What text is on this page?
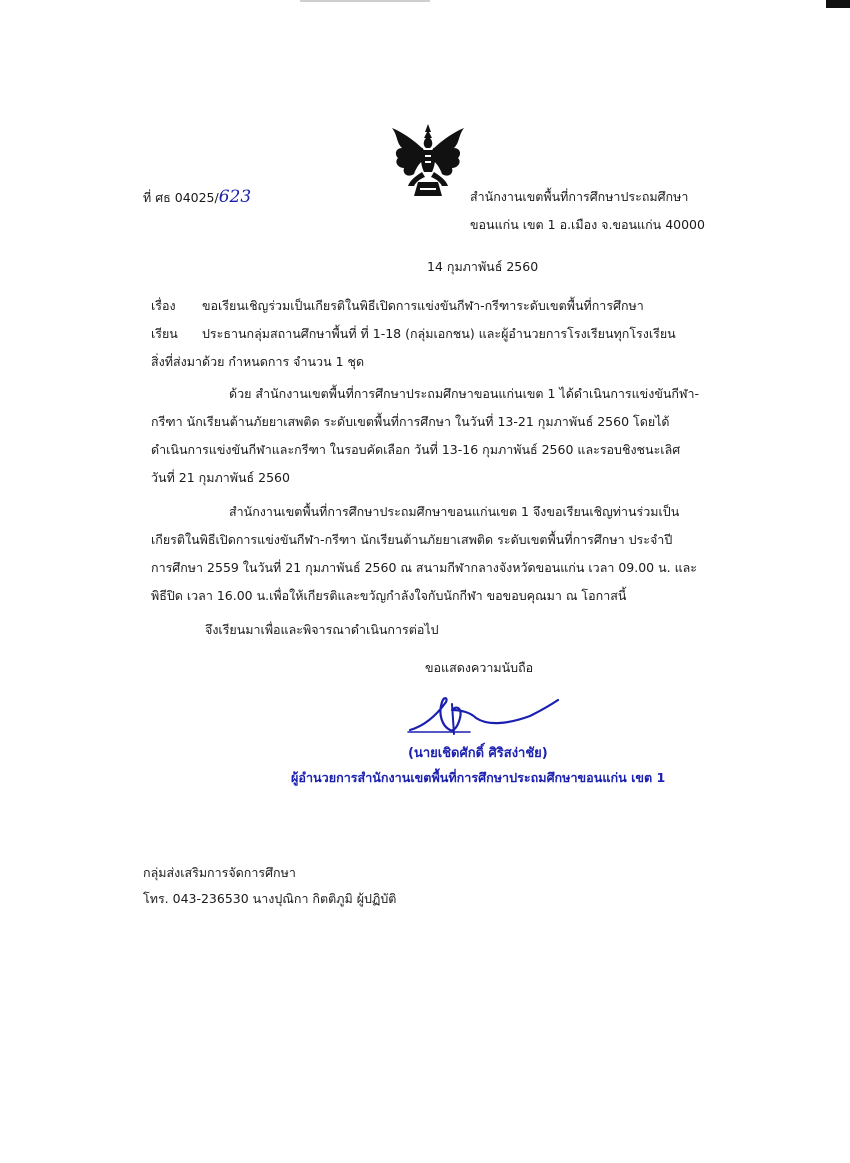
ที่ ศธ 04025/623	สำนักงานเขตพื้นที่การศึกษาประถมศึกษา
ขอนแก่น เขต 1 อ.เมือง จ.ขอนแก่น 40000
14 กุมภาพันธ์ 2560
เรื่อง ขอเรียนเชิญร่วมเป็นเกียรติในพิธีเปิดการแข่งขันกีฬา-กรีฑาระดับเขตพื้นที่การศึกษา
เรียน ประธานกลุ่มสถานศึกษาพื้นที่ ที่ 1-18 (กลุ่มเอกชน) และผู้อำนวยการโรงเรียนทุกโรงเรียน
สิ่งที่ส่งมาด้วย กำหนดการ จำนวน 1 ชุด
ด้วย สำนักงานเขตพื้นที่การศึกษาประถมศึกษาขอนแก่นเขต 1 ได้ดำเนินการแข่งขันกีฬา-
กรีฑา นักเรียนต้านภัยยาเสพติด ระดับเขตพื้นที่การศึกษา ในวันที่ 13-21 กุมภาพันธ์ 2560 โดยได้
ดำเนินการแข่งขันกีฬาและกรีฑา ในรอบคัดเลือก วันที่ 13-16 กุมภาพันธ์ 2560 และรอบชิงชนะเลิศ
วันที่ 21 กุมภาพันธ์ 2560
สำนักงานเขตพื้นที่การศึกษาประถมศึกษาขอนแก่นเขต 1 จึงขอเรียนเชิญท่านร่วมเป็น
เกียรติในพิธีเปิดการแข่งขันกีฬา-กรีฑา นักเรียนต้านภัยยาเสพติด ระดับเขตพื้นที่การศึกษา ประจำปี
การศึกษา 2559 ในวันที่ 21 กุมภาพันธ์ 2560 ณ สนามกีฬากลางจังหวัดขอนแก่น เวลา 09.00 น. และ
พิธีปิด เวลา 16.00 น.เพื่อให้เกียรติและขวัญกำลังใจกับนักกีฬา ขอขอบคุณมา ณ โอกาสนี้
จึงเรียนมาเพื่อและพิจารณาดำเนินการต่อไป
ขอแสดงความนับถือ
(นายเชิดศักดิ์ ศิริสง่าชัย)
ผู้อำนวยการสำนักงานเขตพื้นที่การศึกษาประถมศึกษาขอนแก่น เขต 1
กลุ่มส่งเสริมการจัดการศึกษา
โทร. 043-236530 นางปุณิกา กิตติภูมิ ผู้ปฏิบัติ
